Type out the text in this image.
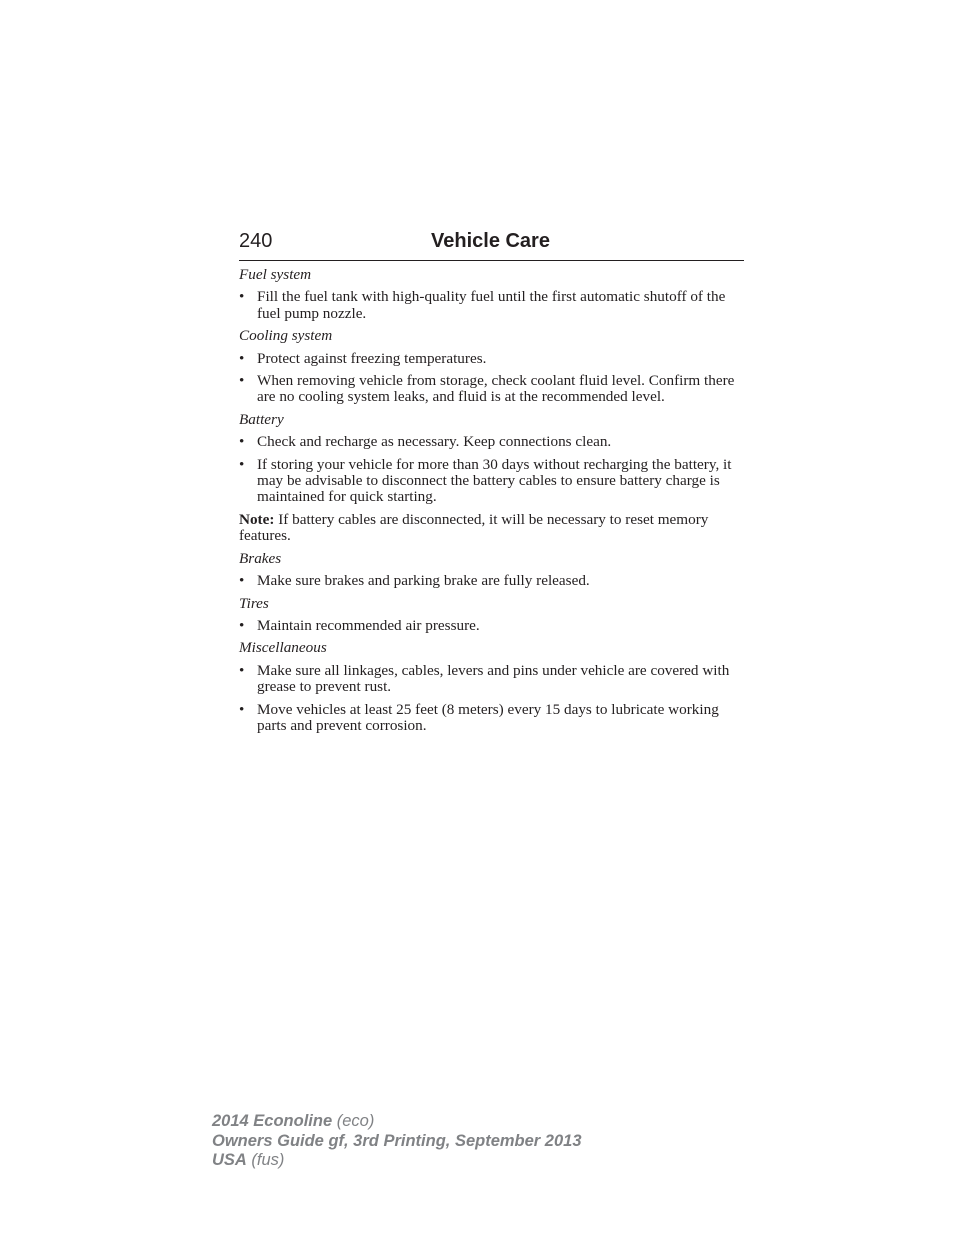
240	Vehicle Care

Fuel system

• Fill the fuel tank with high-quality fuel until the first automatic shutoff of the fuel pump nozzle.

Cooling system

• Protect against freezing temperatures.
• When removing vehicle from storage, check coolant fluid level. Confirm there are no cooling system leaks, and fluid is at the recommended level.

Battery

• Check and recharge as necessary. Keep connections clean.
• If storing your vehicle for more than 30 days without recharging the battery, it may be advisable to disconnect the battery cables to ensure battery charge is maintained for quick starting.

Note: If battery cables are disconnected, it will be necessary to reset memory features.

Brakes

• Make sure brakes and parking brake are fully released.

Tires

• Maintain recommended air pressure.

Miscellaneous

• Make sure all linkages, cables, levers and pins under vehicle are covered with grease to prevent rust.
• Move vehicles at least 25 feet (8 meters) every 15 days to lubricate working parts and prevent corrosion.
2014 Econoline (eco)
Owners Guide gf, 3rd Printing, September 2013
USA (fus)
